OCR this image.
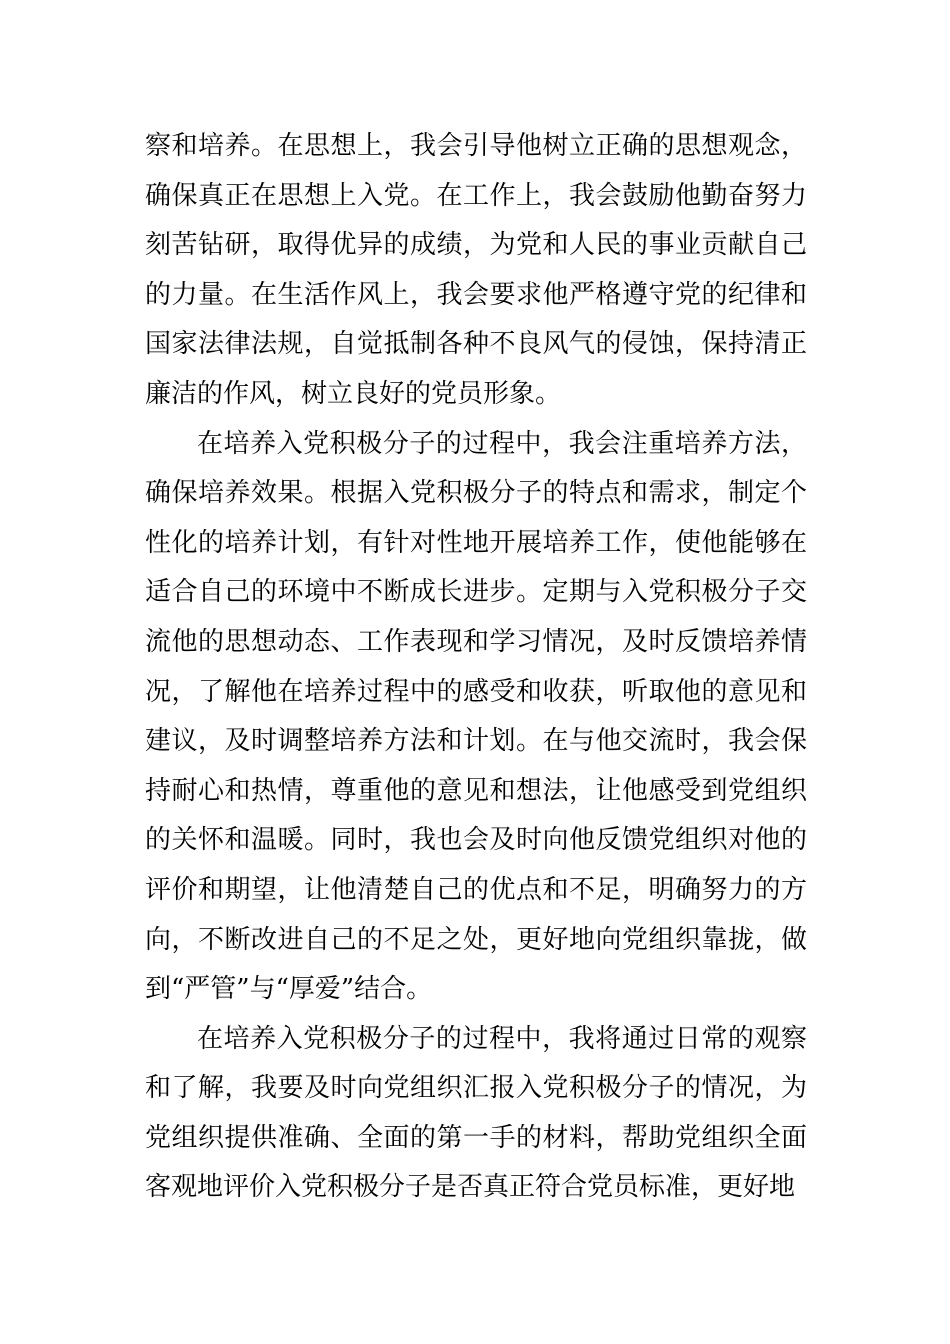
察和培养。在思想上，我会引导他树立正确的思想观念，确保真正在思想上入党。在工作上，我会鼓励他勤奋努力刻苦钻研，取得优异的成绩，为党和人民的事业贡献自己的力量。在生活作风上，我会要求他严格遵守党的纪律和国家法律法规，自觉抵制各种不良风气的侵蚀，保持清正廉洁的作风，树立良好的党员形象。

在培养入党积极分子的过程中，我会注重培养方法，确保培养效果。根据入党积极分子的特点和需求，制定个性化的培养计划，有针对性地开展培养工作，使他能够在适合自己的环境中不断成长进步。定期与入党积极分子交流他的思想动态、工作表现和学习情况，及时反馈培养情况，了解他在培养过程中的感受和收获，听取他的意见和建议，及时调整培养方法和计划。在与他交流时，我会保持耐心和热情，尊重他的意见和想法，让他感受到党组织的关怀和温暖。同时，我也会及时向他反馈党组织对他的评价和期望，让他清楚自己的优点和不足，明确努力的方向，不断改进自己的不足之处，更好地向党组织靠拢，做到“严管”与“厚爱”结合。

在培养入党积极分子的过程中，我将通过日常的观察和了解，我要及时向党组织汇报入党积极分子的情况，为党组织提供准确、全面的第一手的材料，帮助党组织全面客观地评价入党积极分子是否真正符合党员标准，更好地
